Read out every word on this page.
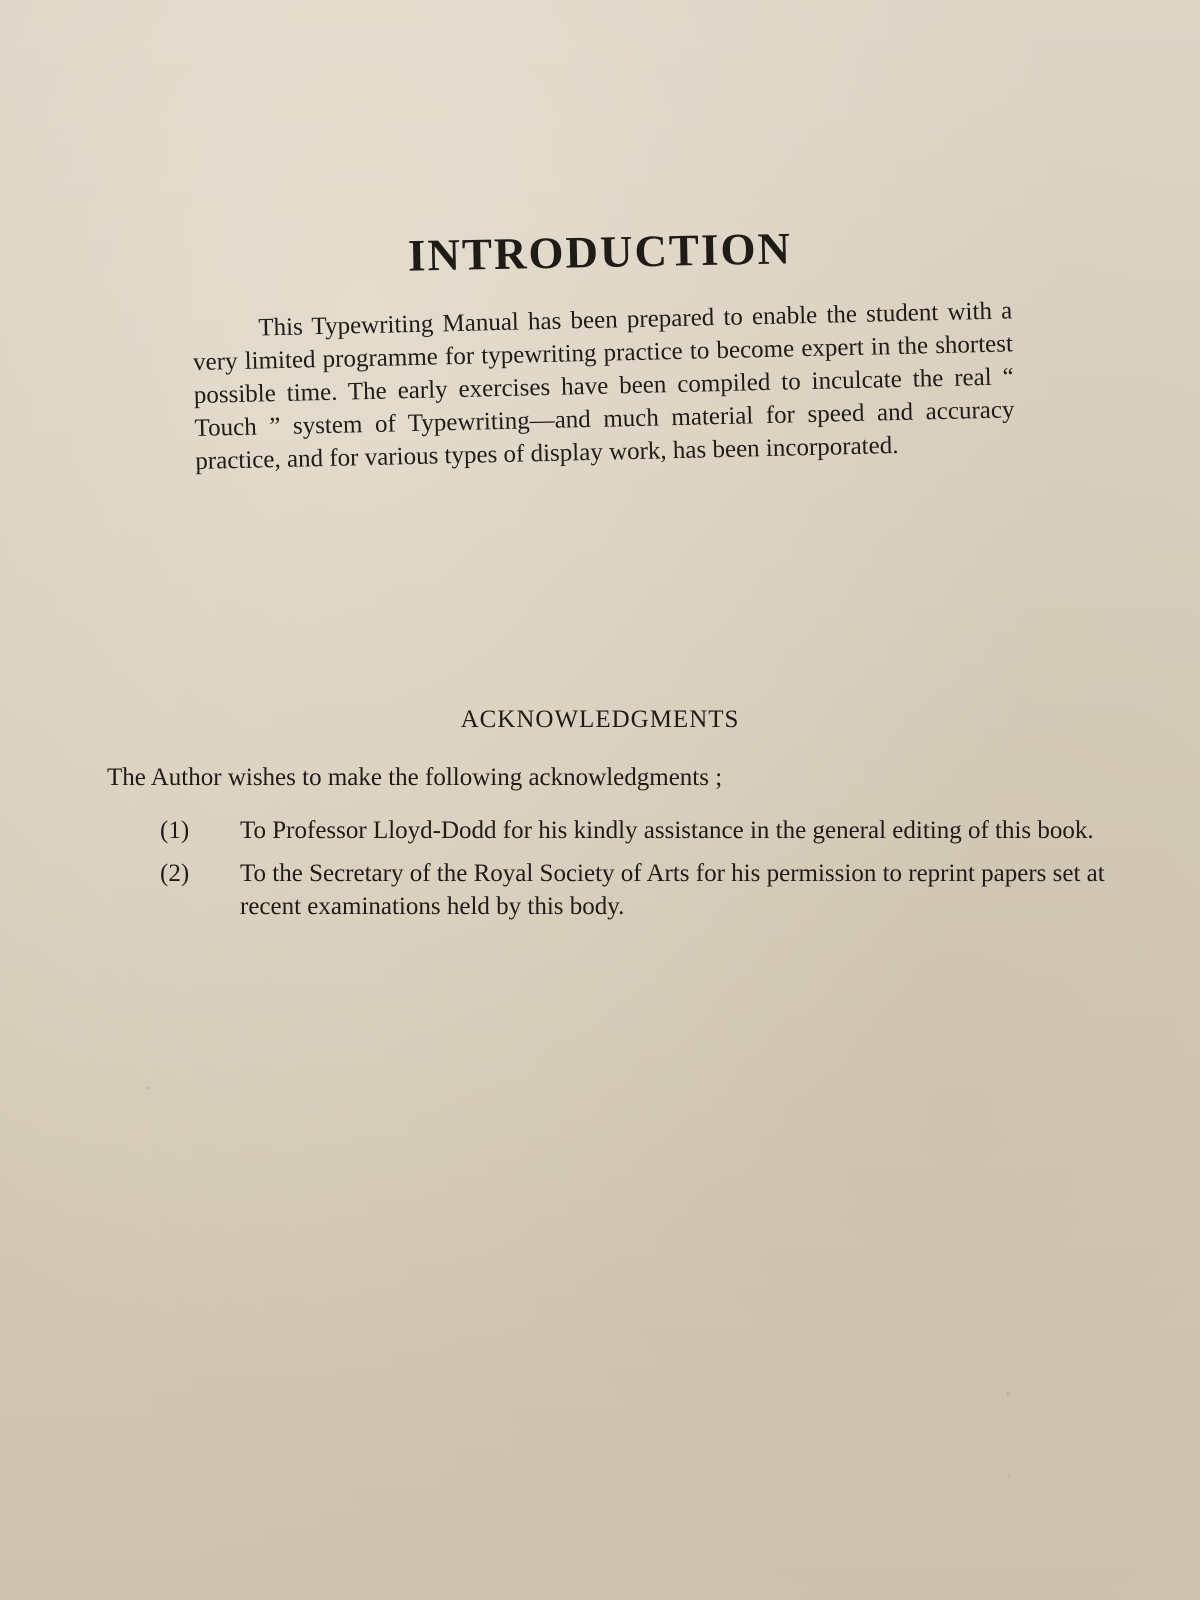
INTRODUCTION

This Typewriting Manual has been prepared to enable the student with a very limited programme for typewriting practice to become expert in the shortest possible time. The early exercises have been compiled to inculcate the real “ Touch ” system of Typewriting—and much material for speed and accuracy practice, and for various types of display work, has been incorporated.

ACKNOWLEDGMENTS
The Author wishes to make the following acknowledgments ;
(1) To Professor Lloyd-Dodd for his kindly assistance in the general editing of this book.
(2) To the Secretary of the Royal Society of Arts for his permission to reprint papers set at recent examinations held by this body.
